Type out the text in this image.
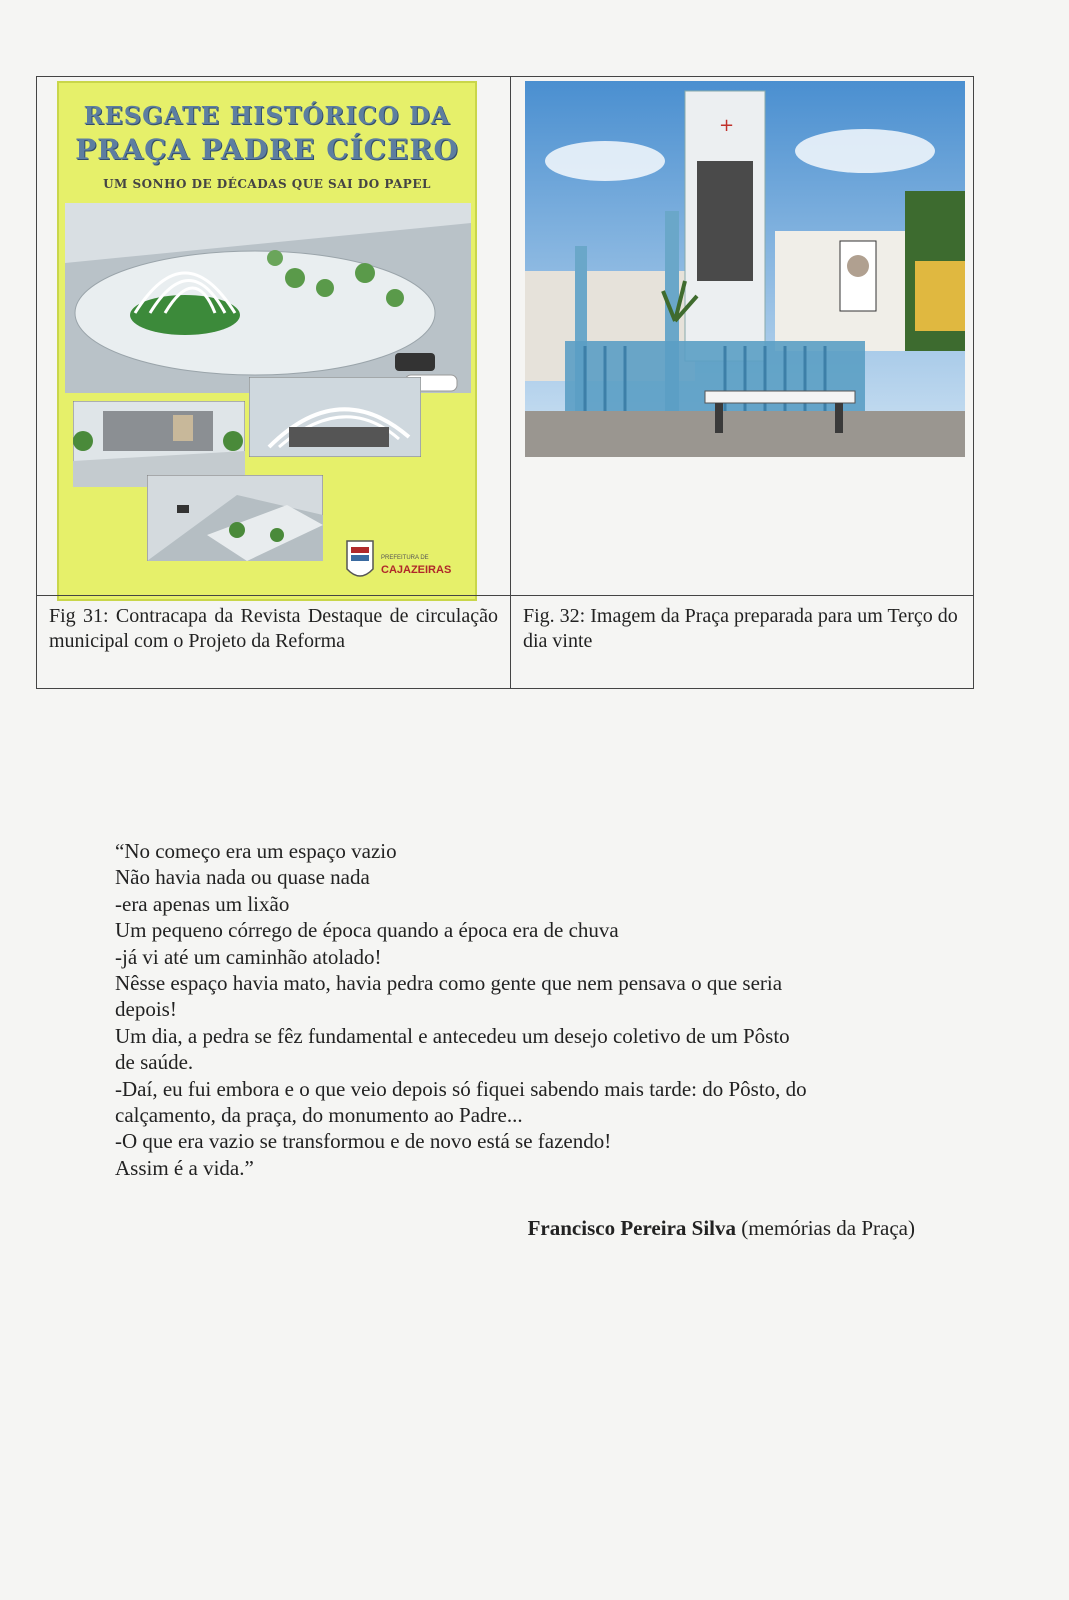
RESGATE HISTÓRICO DA
PRAÇA PADRE CÍCERO
UM SONHO DE DÉCADAS QUE SAI DO PAPEL
PREFEITURA DE
CAJAZEIRAS
Fig 31: Contracapa da Revista Destaque de circulação municipal com o Projeto da Reforma
+
Fig. 32: Imagem da Praça preparada para um Terço do dia vinte
“No começo era um espaço vazio
Não havia nada ou quase nada
-era apenas um lixão
Um pequeno córrego de época quando a época era de chuva
-já vi até um caminhão atolado!
Nêsse espaço havia mato, havia pedra como gente que nem pensava o que seria
depois!
Um dia, a pedra se fêz fundamental e antecedeu um desejo coletivo de um Pôsto
de saúde.
-Daí, eu fui embora e o que veio depois só fiquei sabendo mais tarde: do Pôsto, do
calçamento, da praça, do monumento ao Padre...
-O que era vazio se transformou e de novo está se fazendo!
Assim é a vida.”
Francisco Pereira Silva (memórias da Praça)
